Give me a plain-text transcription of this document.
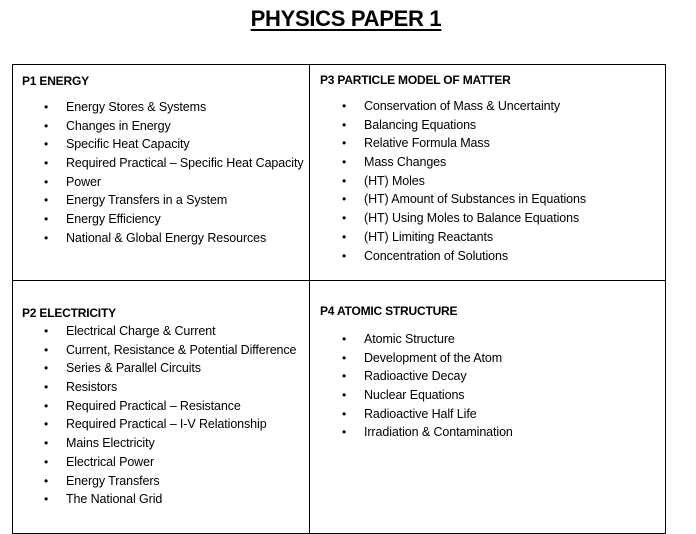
PHYSICS PAPER 1
P1 ENERGY
• Energy Stores & Systems
• Changes in Energy
• Specific Heat Capacity
• Required Practical – Specific Heat Capacity
• Power
• Energy Transfers in a System
• Energy Efficiency
• National & Global Energy Resources
P3 PARTICLE MODEL OF MATTER
• Conservation of Mass & Uncertainty
• Balancing Equations
• Relative Formula Mass
• Mass Changes
• (HT) Moles
• (HT) Amount of Substances in Equations
• (HT) Using Moles to Balance Equations
• (HT) Limiting Reactants
• Concentration of Solutions
P2 ELECTRICITY
• Electrical Charge & Current
• Current, Resistance & Potential Difference
• Series & Parallel Circuits
• Resistors
• Required Practical – Resistance
• Required Practical – I-V Relationship
• Mains Electricity
• Electrical Power
• Energy Transfers
• The National Grid
P4 ATOMIC STRUCTURE
• Atomic Structure
• Development of the Atom
• Radioactive Decay
• Nuclear Equations
• Radioactive Half Life
• Irradiation & Contamination
